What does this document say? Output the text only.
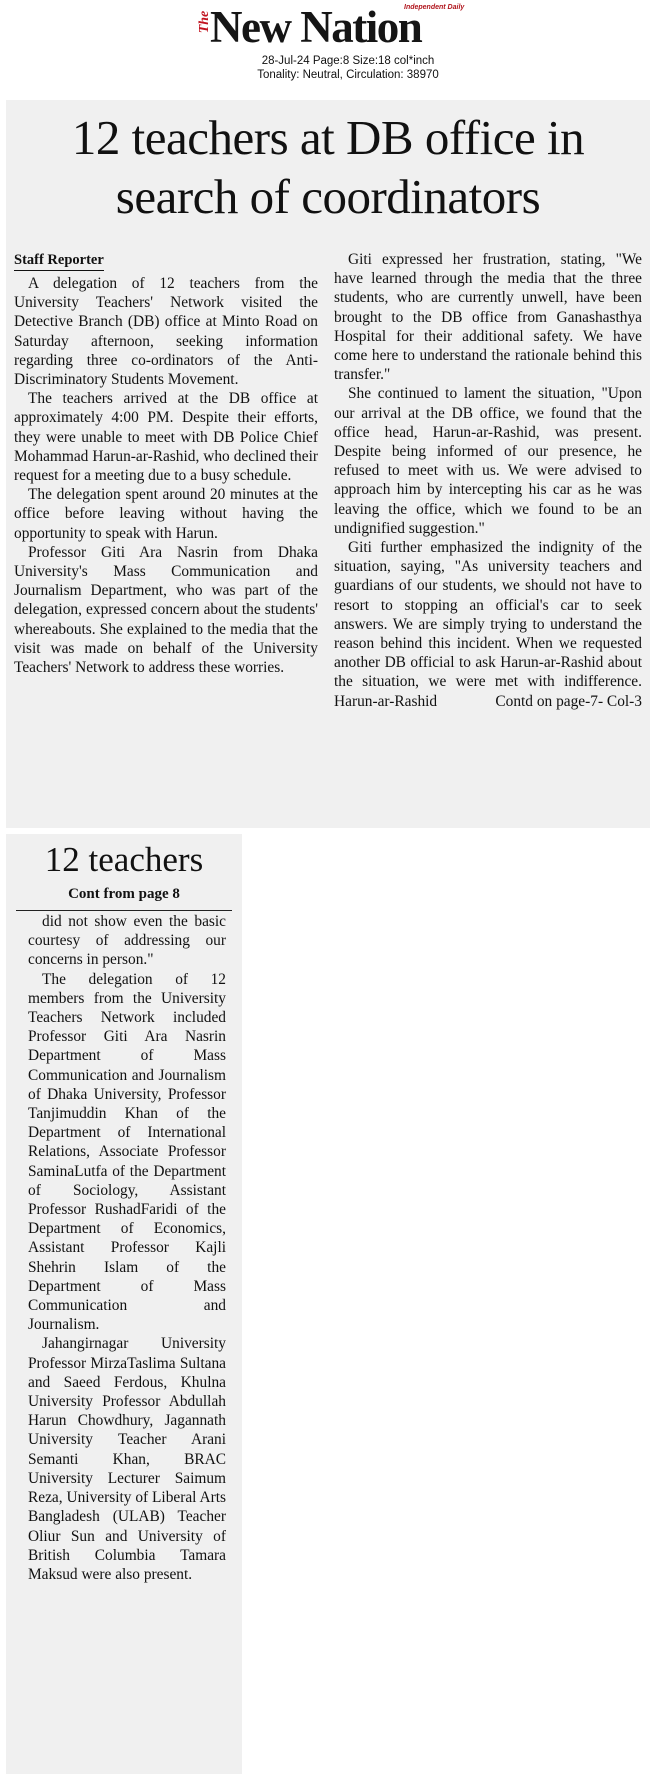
The
New Nation
Independent Daily
28-Jul-24 Page:8 Size:18 col*inch
Tonality: Neutral, Circulation: 38970
12 teachers at DB office in
search of coordinators
Staff Reporter

A delegation of 12 teachers from the University Teachers' Network visited the Detective Branch (DB) office at Minto Road on Saturday afternoon, seeking information regarding three co-ordinators of the Anti-Discriminatory Students Movement.

The teachers arrived at the DB office at approximately 4:00 PM. Despite their efforts, they were unable to meet with DB Police Chief Mohammad Harun-ar-Rashid, who declined their request for a meeting due to a busy schedule.

The delegation spent around 20 minutes at the office before leaving without having the opportunity to speak with Harun.

Professor Giti Ara Nasrin from Dhaka University's Mass Communication and Journalism Department, who was part of the delegation, expressed concern about the students' whereabouts. She explained to the media that the visit was made on behalf of the University Teachers' Network to address these worries.

Giti expressed her frustration, stating, "We have learned through the media that the three students, who are currently unwell, have been brought to the DB office from Ganashasthya Hospital for their additional safety. We have come here to understand the rationale behind this transfer."

She continued to lament the situation, "Upon our arrival at the DB office, we found that the office head, Harun-ar-Rashid, was present. Despite being informed of our presence, he refused to meet with us. We were advised to approach him by intercepting his car as he was leaving the office, which we found to be an undignified suggestion."

Giti further emphasized the indignity of the situation, saying, "As university teachers and guardians of our students, we should not have to resort to stopping an official's car to seek answers. We are simply trying to understand the reason behind this incident. When we requested another DB official to ask Harun-ar-Rashid about the situation, we were met with indifference. Harun-ar-Rashid	Contd on page-7- Col-3

12 teachers
Cont from page 8

did not show even the basic courtesy of addressing our concerns in person."

The delegation of 12 members from the University Teachers Network included Professor Giti Ara Nasrin Department of Mass Communication and Journalism of Dhaka University, Professor Tanjimuddin Khan of the Department of International Relations, Associate Professor SaminaLutfa of the Department of Sociology, Assistant Professor RushadFaridi of the Department of Economics, Assistant Professor Kajli Shehrin Islam of the Department of Mass Communication and Journalism.

Jahangirnagar University Professor MirzaTaslima Sultana and Saeed Ferdous, Khulna University Professor Abdullah Harun Chowdhury, Jagannath University Teacher Arani Semanti Khan, BRAC University Lecturer Saimum Reza, University of Liberal Arts Bangladesh (ULAB) Teacher Oliur Sun and University of British Columbia Tamara Maksud were also present.
